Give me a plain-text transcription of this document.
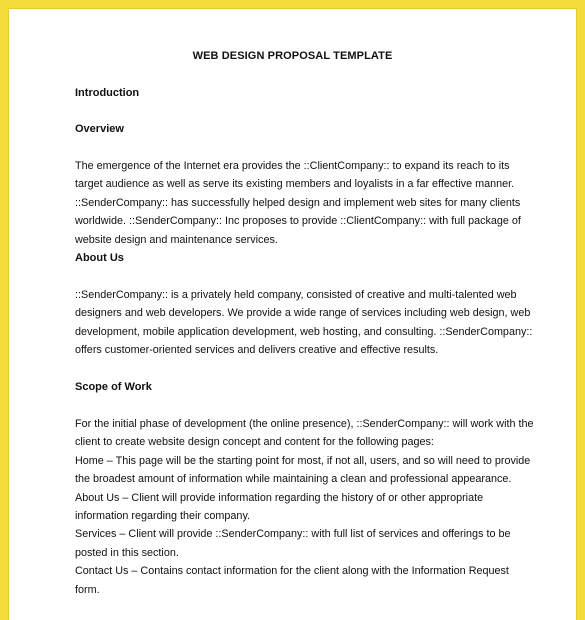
WEB DESIGN PROPOSAL TEMPLATE
Introduction
Overview
The emergence of the Internet era provides the ::ClientCompany:: to expand its reach to its
target audience as well as serve its existing members and loyalists in a far effective manner.
::SenderCompany:: has successfully helped design and implement web sites for many clients
worldwide. ::SenderCompany:: Inc proposes to provide ::ClientCompany:: with full package of
website design and maintenance services.
About Us
::SenderCompany:: is a privately held company, consisted of creative and multi-talented web
designers and web developers. We provide a wide range of services including web design, web
development, mobile application development, web hosting, and consulting. ::SenderCompany::
offers customer-oriented services and delivers creative and effective results.
Scope of Work
For the initial phase of development (the online presence), ::SenderCompany:: will work with the
client to create website design concept and content for the following pages:
Home – This page will be the starting point for most, if not all, users, and so will need to provide
the broadest amount of information while maintaining a clean and professional appearance.
About Us – Client will provide information regarding the history of or other appropriate
information regarding their company.
Services – Client will provide ::SenderCompany:: with full list of services and offerings to be
posted in this section.
Contact Us – Contains contact information for the client along with the Information Request
form.
